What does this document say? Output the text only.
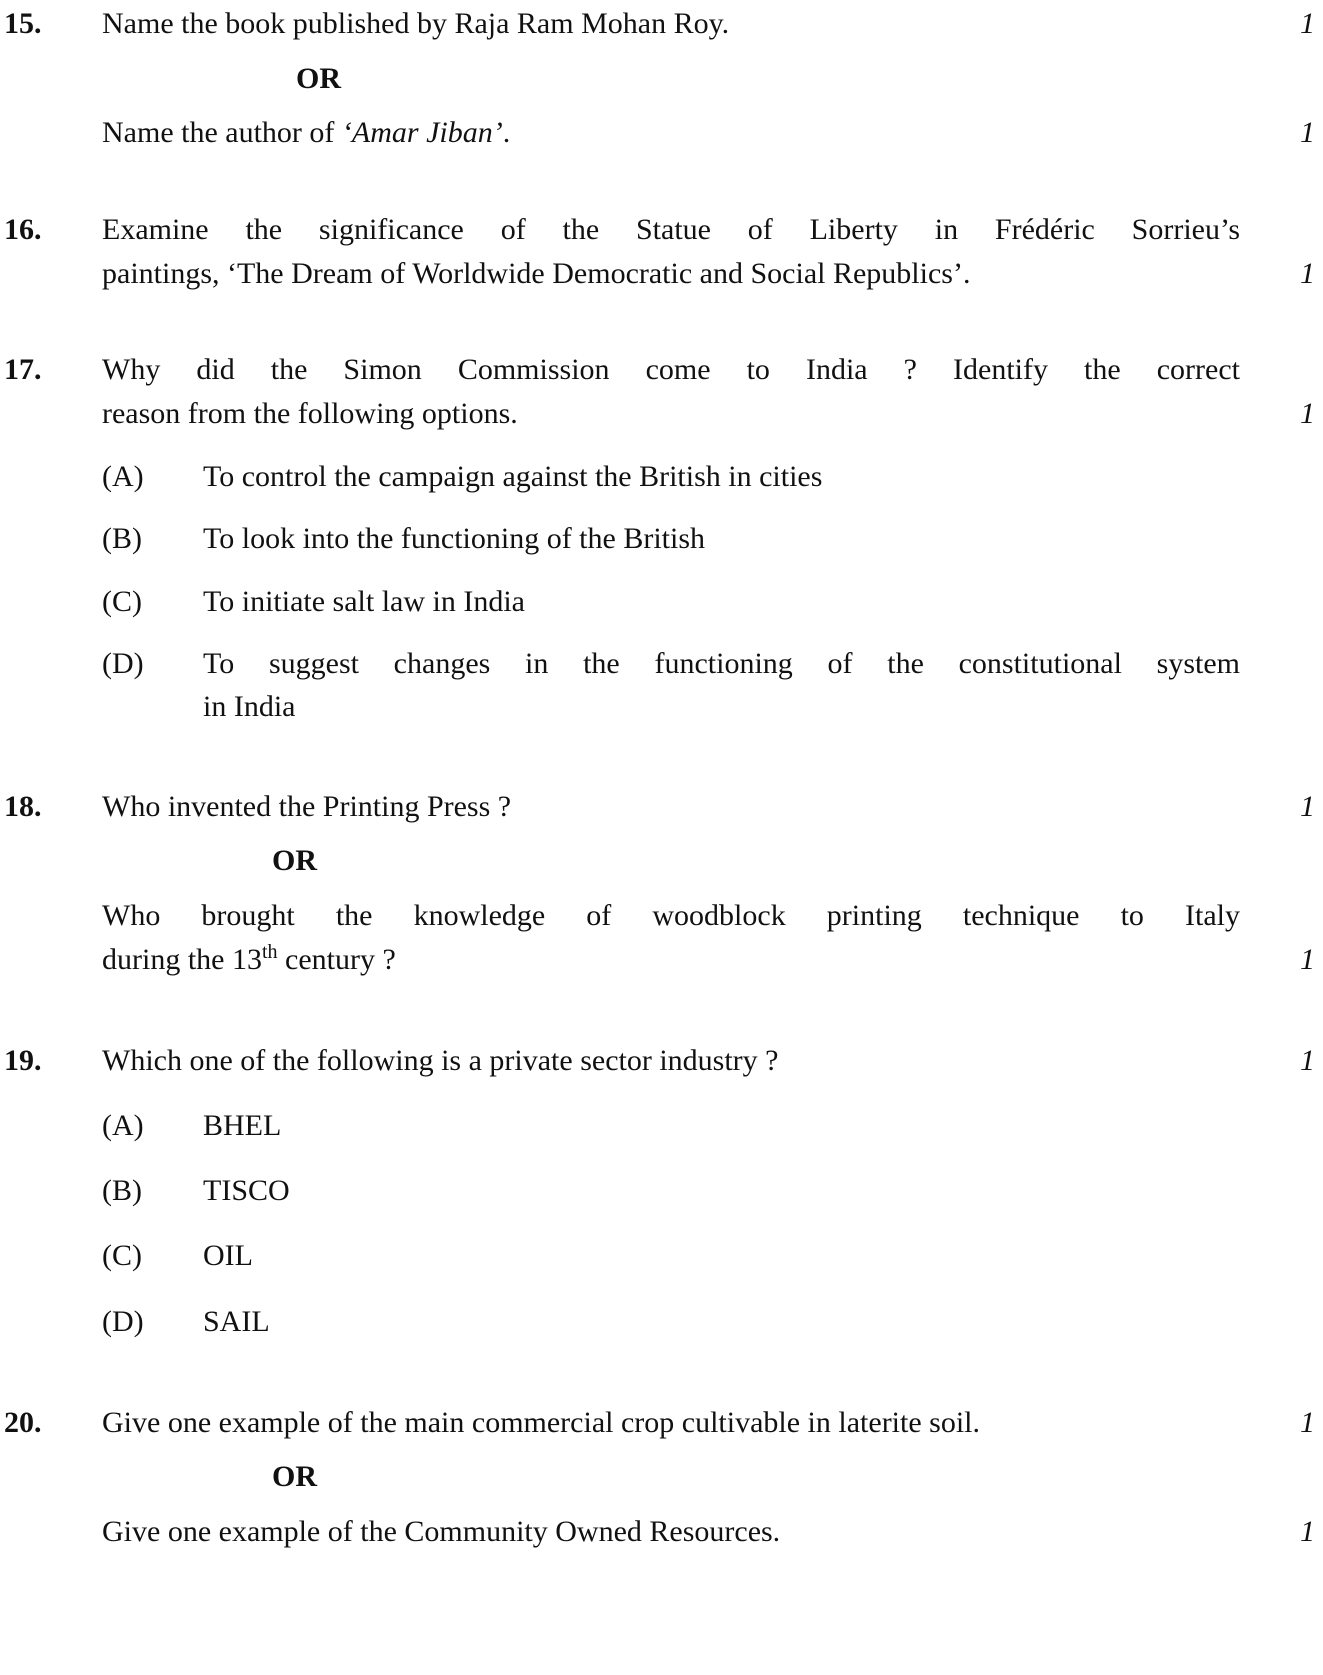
15. Name the book published by Raja Ram Mohan Roy.	1
OR
Name the author of ‘Amar Jiban’.	1
16. Examine the significance of the Statue of Liberty in Frédéric Sorrieu’s
paintings, ‘The Dream of Worldwide Democratic and Social Republics’.	1
17. Why did the Simon Commission come to India ? Identify the correct
reason from the following options.	1
(A) To control the campaign against the British in cities
(B) To look into the functioning of the British
(C) To initiate salt law in India
(D) To suggest changes in the functioning of the constitutional system
in India
18. Who invented the Printing Press ?	1
OR
Who brought the knowledge of woodblock printing technique to Italy
during the 13th century ?	1
19. Which one of the following is a private sector industry ?	1
(A) BHEL
(B) TISCO
(C) OIL
(D) SAIL
20. Give one example of the main commercial crop cultivable in laterite soil.	1
OR
Give one example of the Community Owned Resources.	1
